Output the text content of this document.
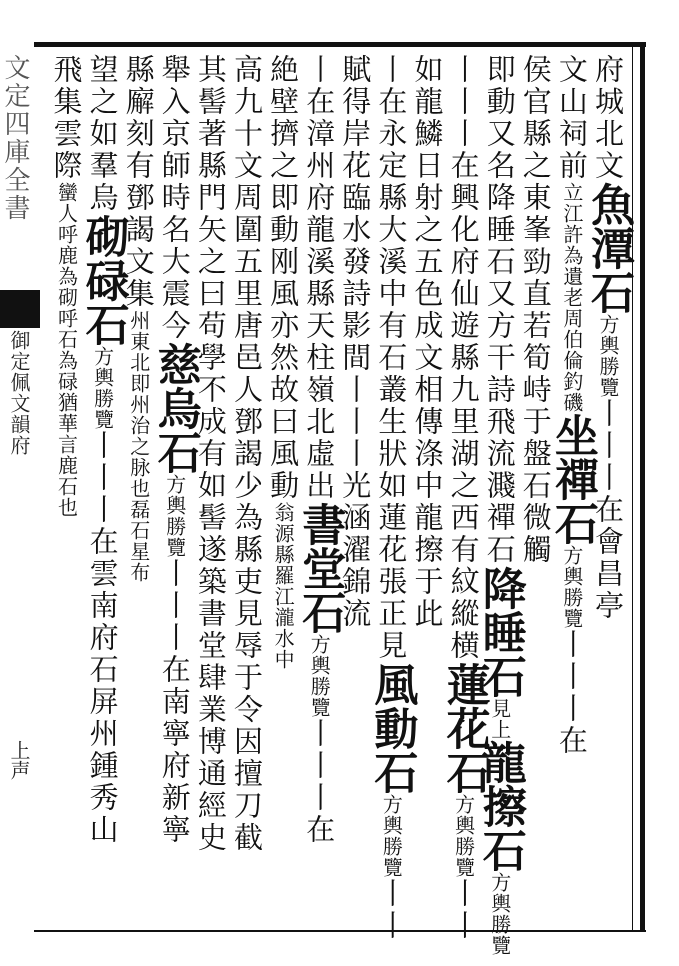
文定四庫全書
御定佩文韻府
上声
府城北文魚潭石方輿勝覽丨丨丨在會昌亭
文山祠前立江許為遺老周伯倫釣磯坐禪石方輿勝覽丨丨丨在
侯官縣之東峯勁直若筍峙于盤石微觸
即動又名降睡石又方干詩飛流濺禪石降睡石見上龍擦石方輿勝覽
丨丨丨在興化府仙遊縣九里湖之西有紋縱横蓮花石方輿勝覽丨丨
如龍鱗日射之五色成文相傳涤中龍擦于此
丨在永定縣大溪中有石叢生狀如蓮花張正見風動石方輿勝覽丨丨
賦得岸花臨水發詩影間丨丨丨光涵濯錦流
丨在漳州府龍溪縣天柱嶺北虛出書堂石方輿勝覽丨丨丨在
絶壁擠之即動刚風亦然故曰風動翁源縣羅江瀧水中
高九十文周圍五里唐邑人鄧謁少為縣吏見辱于令因擅刀截
其髻著縣門矢之曰苟學不成有如髻遂築書堂肆業博通經史
舉入京師時名大震今慈烏石方輿勝覽丨丨丨在南寧府新寧
縣廨刻有鄧謁文集州東北即州治之脉也磊石星布
望之如羣烏砌碌石方輿勝覽丨丨丨在雲南府石屏州鍾秀山
飛集雲際蠻人呼鹿為砌呼石為碌猶華言鹿石也
